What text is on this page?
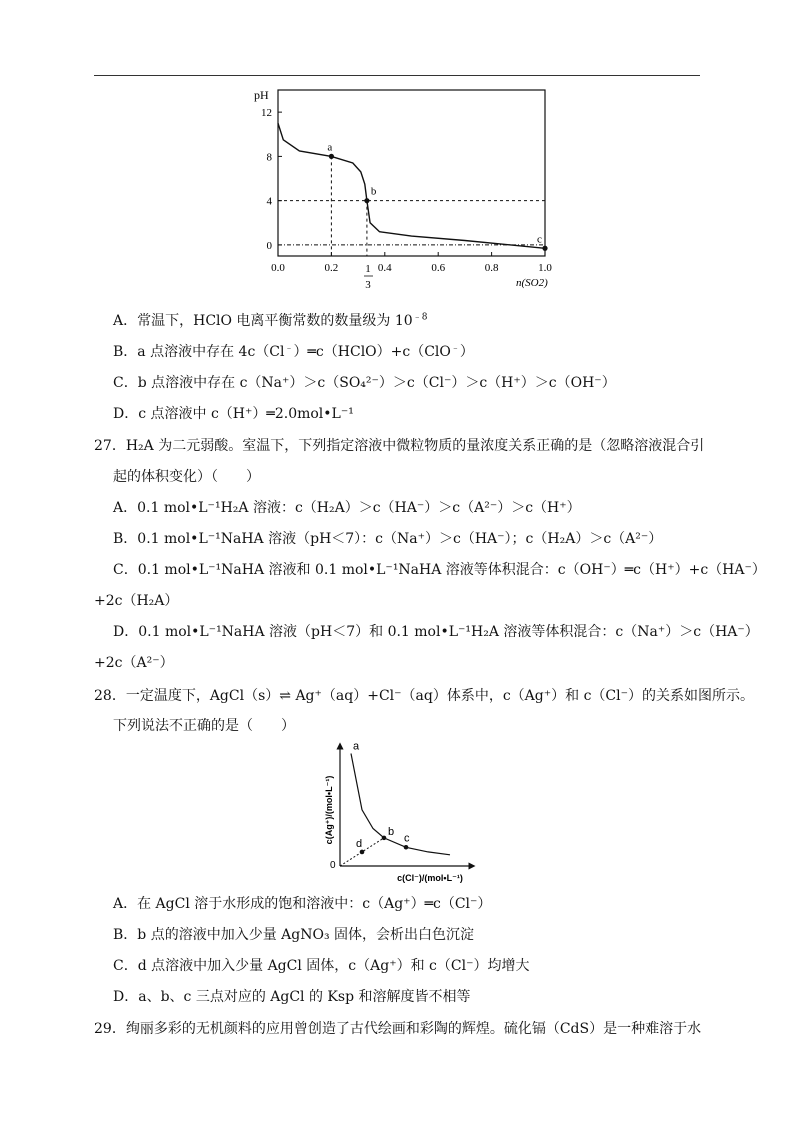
pH
n(SO2)
12
8
4
0
0.0	0.2	0.4	0.6	0.8	1.0
1
3
a
b
c
A．常温下，HClO 电离平衡常数的数量级为 $10^{﹣8}$
B．a 点溶液中存在 4c（Cl﹣）═c（HClO）+c（ClO﹣）
C．b 点溶液中存在 c（Na⁺）＞c（SO₄²⁻）＞c（Cl⁻）＞c（H⁺）＞c（OH⁻）
D．c 点溶液中 c（H⁺）═2.0mol•L⁻¹
27．H₂A 为二元弱酸。室温下，下列指定溶液中微粒物质的量浓度关系正确的是（忽略溶液混合引
起的体积变化）（　　）
A．0.1 mol•L⁻¹H₂A 溶液：c（H₂A）＞c（HA⁻）＞c（A²⁻）＞c（H⁺）
B．0.1 mol•L⁻¹NaHA 溶液（pH＜7）：c（Na⁺）＞c（HA⁻）；c（H₂A）＞c（A²⁻）
C．0.1 mol•L⁻¹NaHA 溶液和 0.1 mol•L⁻¹NaHA 溶液等体积混合：c（OH⁻）═c（H⁺）+c（HA⁻）
+2c（H₂A）
D．0.1 mol•L⁻¹NaHA 溶液（pH＜7）和 0.1 mol•L⁻¹H₂A 溶液等体积混合：c（Na⁺）＞c（HA⁻）
+2c（A²⁻）
28．一定温度下，AgCl（s）⇌ Ag⁺（aq）+Cl⁻（aq）体系中，c（Ag⁺）和 c（Cl⁻）的关系如图所示。
下列说法不正确的是（　　）
0
c(Ag⁺)/(mol•L⁻¹)
c(Cl⁻)/(mol•L⁻¹)
a
b
c
d
A．在 AgCl 溶于水形成的饱和溶液中：c（Ag⁺）═c（Cl⁻）
B．b 点的溶液中加入少量 AgNO₃ 固体，会析出白色沉淀
C．d 点溶液中加入少量 AgCl 固体，c（Ag⁺）和 c（Cl⁻）均增大
D．a、b、c 三点对应的 AgCl 的 Ksp 和溶解度皆不相等
29．绚丽多彩的无机颜料的应用曾创造了古代绘画和彩陶的辉煌。硫化镉（CdS）是一种难溶于水
